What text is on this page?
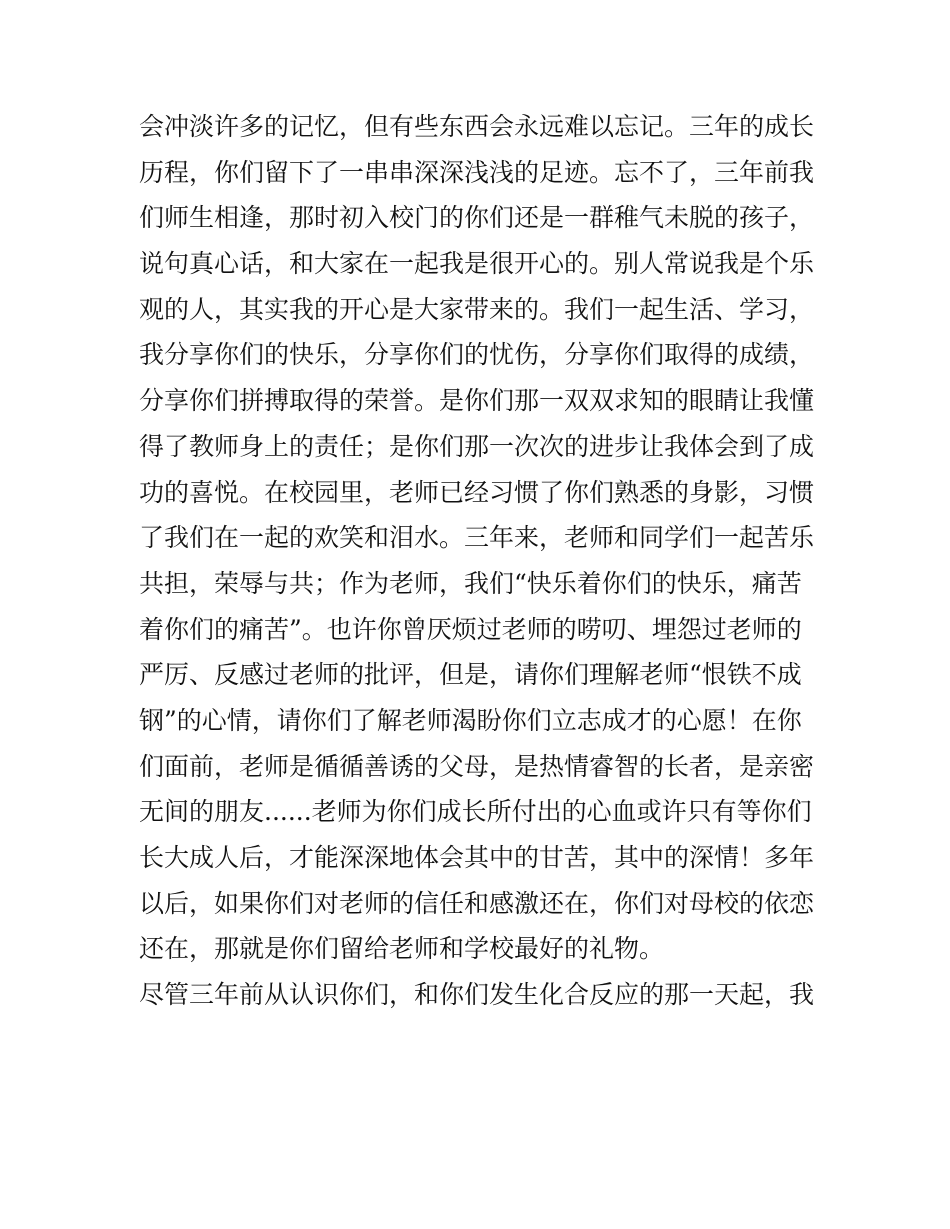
会冲淡许多的记忆，但有些东西会永远难以忘记。三年的成长
历程，你们留下了一串串深深浅浅的足迹。忘不了，三年前我
们师生相逢，那时初入校门的你们还是一群稚气未脱的孩子，
说句真心话，和大家在一起我是很开心的。别人常说我是个乐
观的人，其实我的开心是大家带来的。我们一起生活、学习，
我分享你们的快乐，分享你们的忧伤，分享你们取得的成绩，
分享你们拼搏取得的荣誉。是你们那一双双求知的眼睛让我懂
得了教师身上的责任；是你们那一次次的进步让我体会到了成
功的喜悦。在校园里，老师已经习惯了你们熟悉的身影，习惯
了我们在一起的欢笑和泪水。三年来，老师和同学们一起苦乐
共担，荣辱与共；作为老师，我们“快乐着你们的快乐，痛苦
着你们的痛苦”。也许你曾厌烦过老师的唠叨、埋怨过老师的
严厉、反感过老师的批评，但是，请你们理解老师“恨铁不成
钢”的心情，请你们了解老师渴盼你们立志成才的心愿！在你
们面前，老师是循循善诱的父母，是热情睿智的长者，是亲密
无间的朋友......老师为你们成长所付出的心血或许只有等你们
长大成人后，才能深深地体会其中的甘苦，其中的深情！多年
以后，如果你们对老师的信任和感激还在，你们对母校的依恋
还在，那就是你们留给老师和学校最好的礼物。
尽管三年前从认识你们，和你们发生化合反应的那一天起，我
